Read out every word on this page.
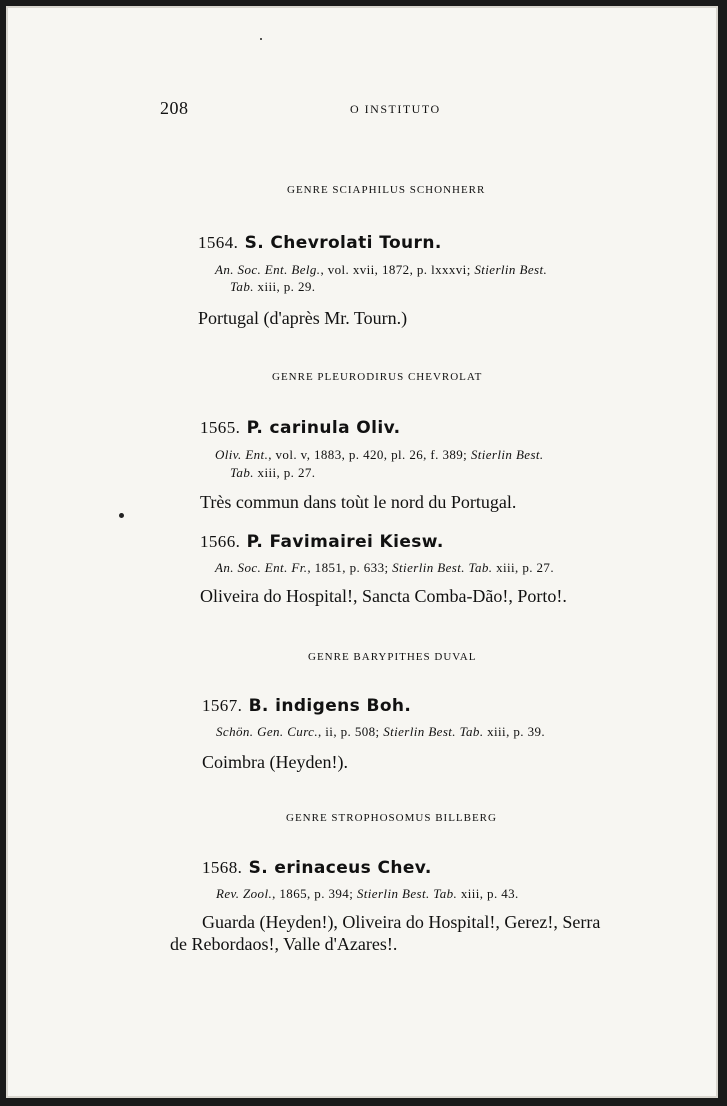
208	O INSTITUTO
GENRE SCIAPHILUS SCHONHERR
1564. S. Chevrolati Tourn.
An. Soc. Ent. Belg., vol. xvii, 1872, p. lxxxvi; Stierlin Best.
Tab. xiii, p. 29.
Portugal (d'après Mr. Tourn.)
GENRE PLEURODIRUS CHEVROLAT
1565. P. carinula Oliv.
Oliv. Ent., vol. v, 1883, p. 420, pl. 26, f. 389; Stierlin Best.
Tab. xiii, p. 27.
Très commun dans toùt le nord du Portugal.
1566. P. Favimairei Kiesw.
An. Soc. Ent. Fr., 1851, p. 633; Stierlin Best. Tab. xiii, p. 27.
Oliveira do Hospital!, Sancta Comba-Dão!, Porto!.
GENRE BARYPITHES DUVAL
1567. B. indigens Boh.
Schön. Gen. Curc., ii, p. 508; Stierlin Best. Tab. xiii, p. 39.
Coimbra (Heyden!).
GENRE STROPHOSOMUS BILLBERG
1568. S. erinaceus Chev.
Rev. Zool., 1865, p. 394; Stierlin Best. Tab. xiii, p. 43.
Guarda (Heyden!), Oliveira do Hospital!, Gerez!, Serra
de Rebordaos!, Valle d'Azares!.
